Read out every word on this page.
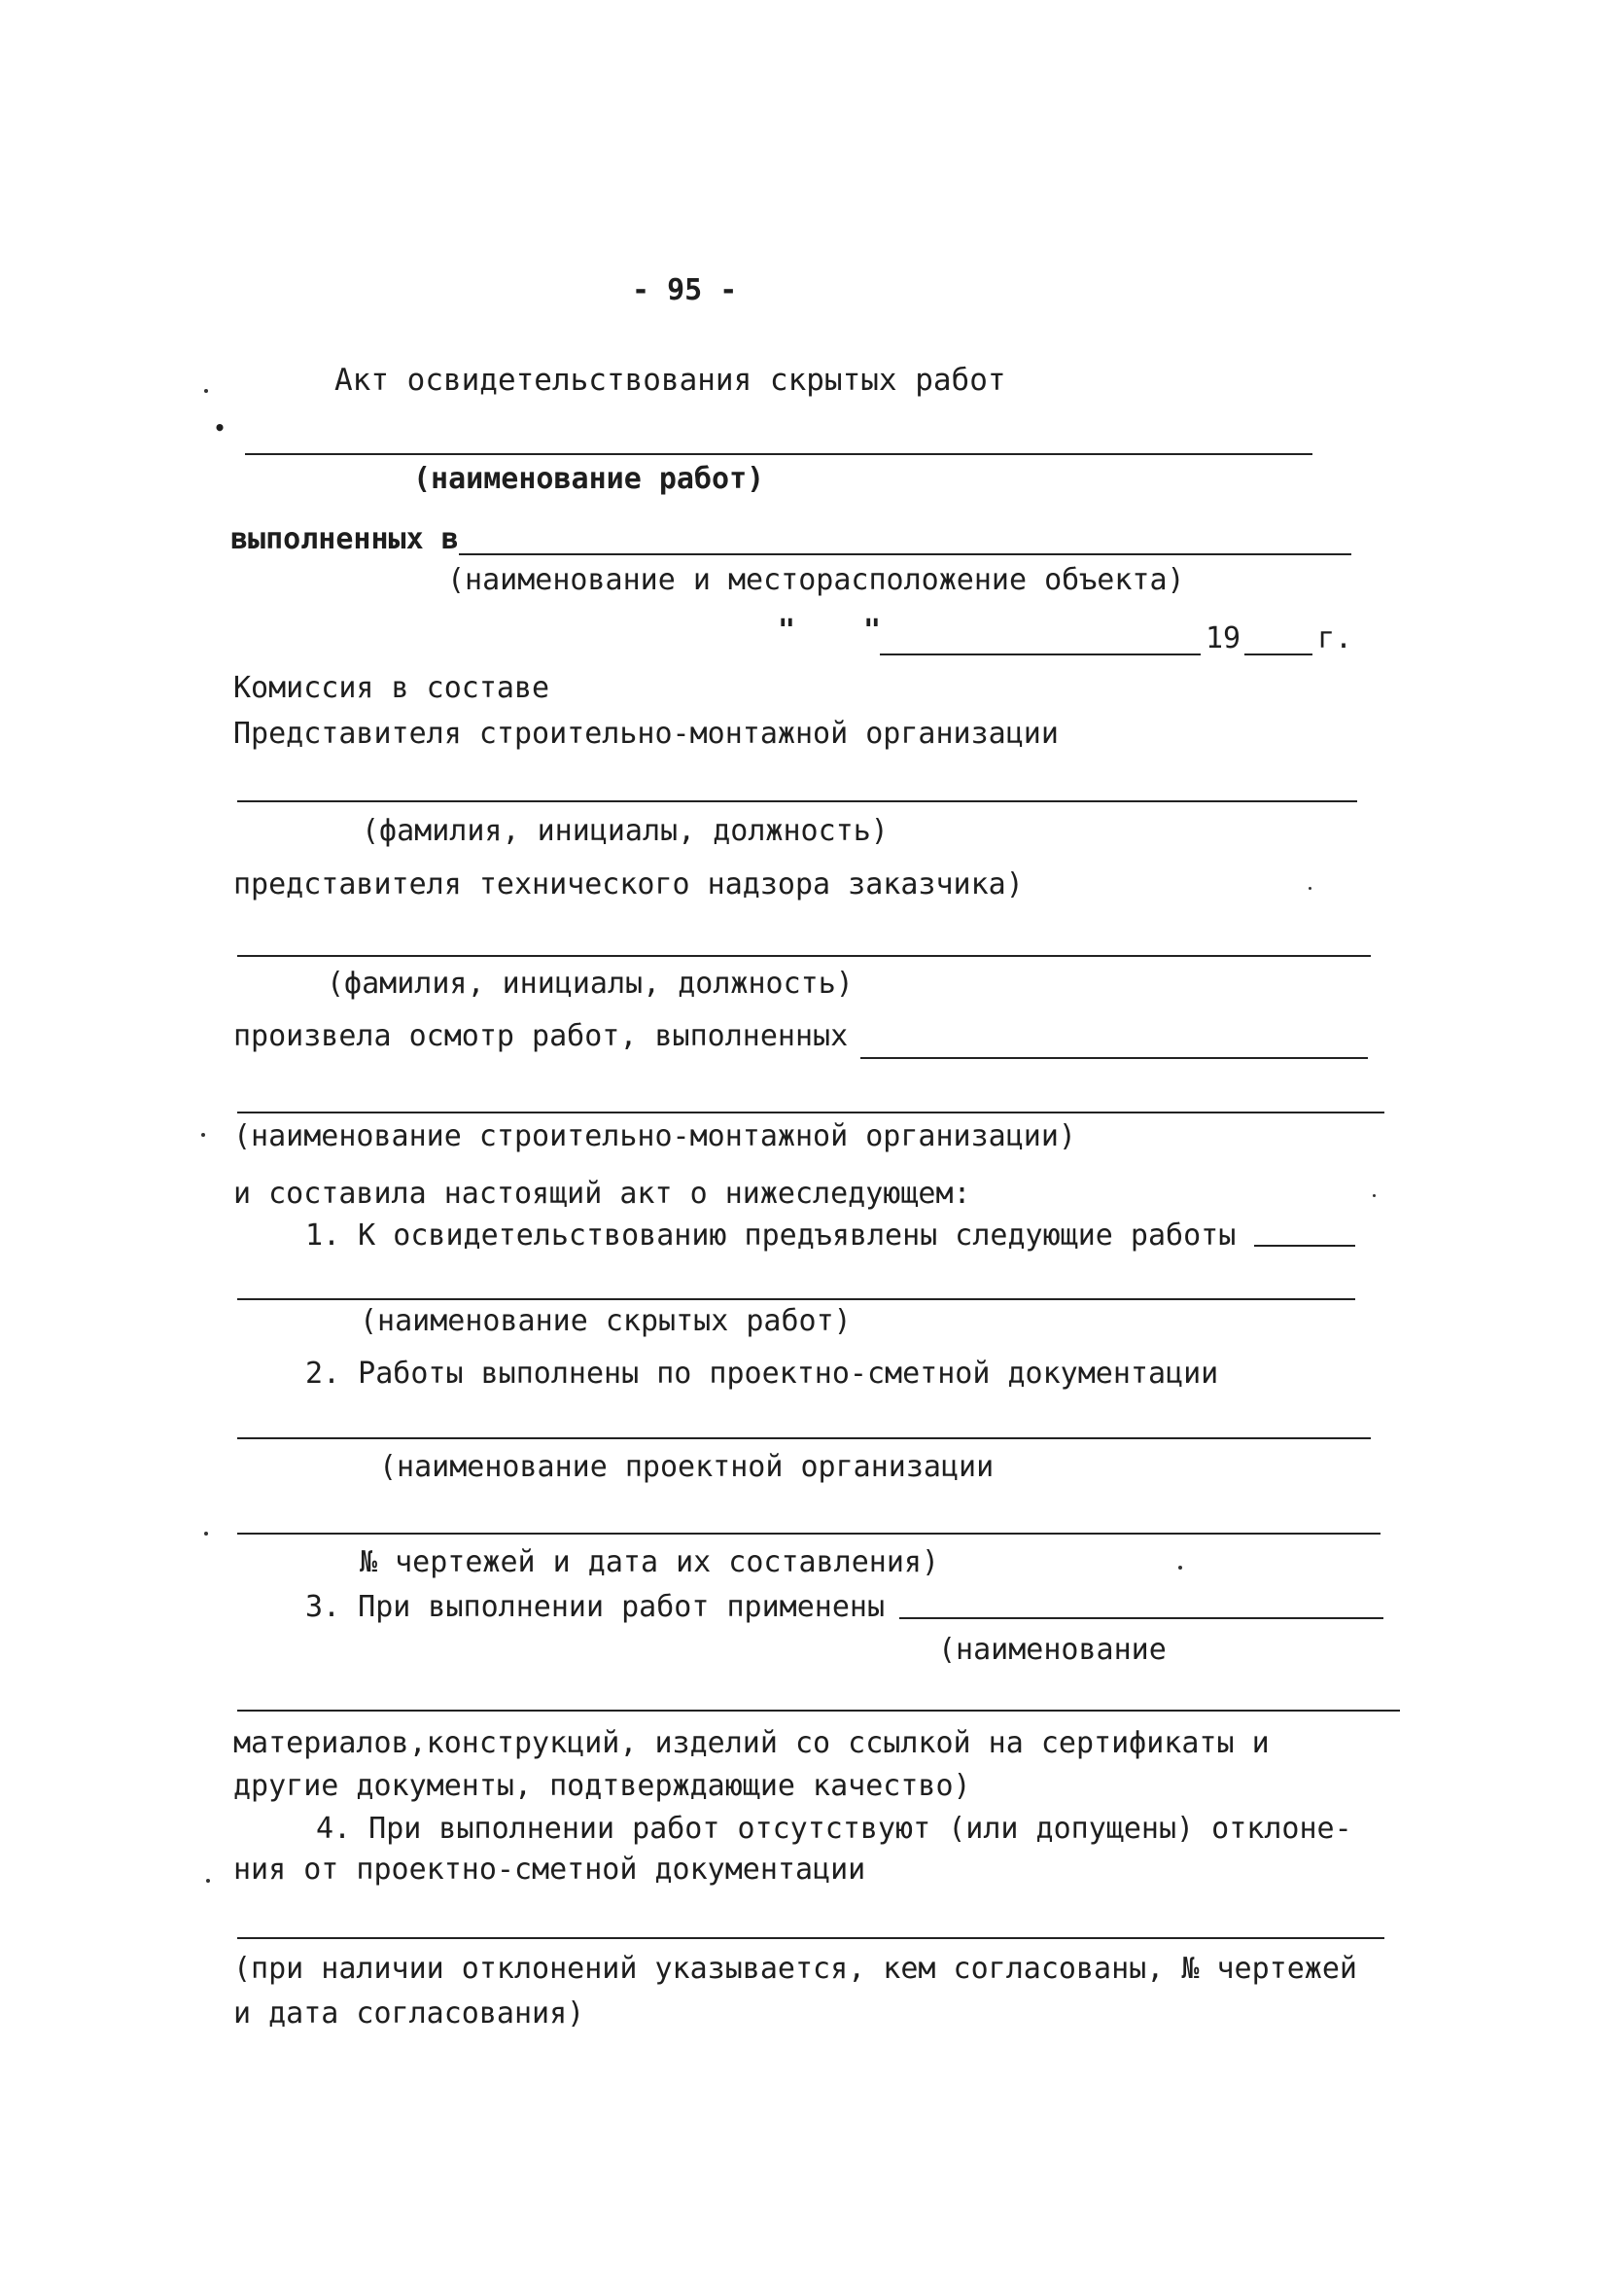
- 95 -
Акт освидетельствования скрытых работ
•
(наименование работ)
выполненных в
(наименование и месторасположение объекта)
" "	19	г.
Комиссия в составе
Представителя строительно-монтажной организации
(фамилия, инициалы, должность)
представителя технического надзора заказчика)
(фамилия, инициалы, должность)
произвела осмотр работ, выполненных
(наименование строительно-монтажной организации)
и составила настоящий акт о нижеследующем:
1. К освидетельствованию предъявлены следующие работы
(наименование скрытых работ)
2. Работы выполнены по проектно-сметной документации
(наименование проектной организации
№ чертежей и дата их составления)
3. При выполнении работ применены
(наименование
материалов,конструкций, изделий со ссылкой на сертификаты и
другие документы, подтверждающие качество)
4. При выполнении работ отсутствуют (или допущены) отклоне-
ния от проектно-сметной документации
(при наличии отклонений указывается, кем согласованы, № чертежей
и дата согласования)
